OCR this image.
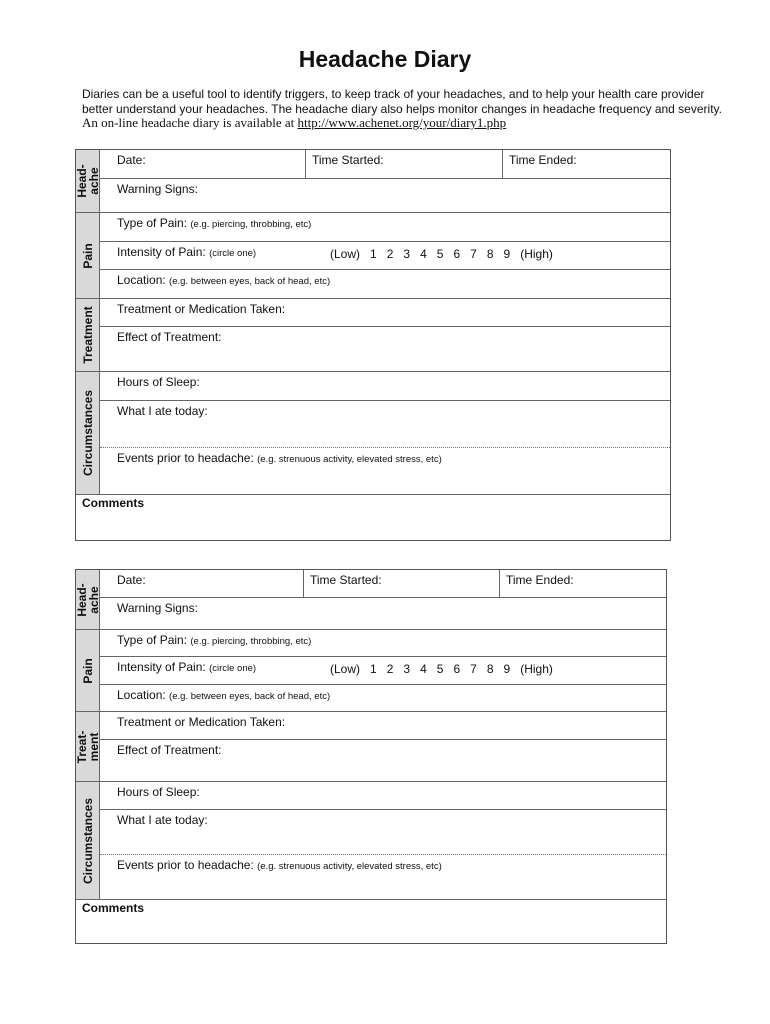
Headache Diary
Diaries can be a useful tool to identify triggers, to keep track of your headaches, and to help your health care provider
better understand your headaches. The headache diary also helps monitor changes in headache frequency and severity.
An on-line headache diary is available at http://www.achenet.org/your/diary1.php
Head-
ache
Pain
Treatment
Circumstances
Date:	Time Started:	Time Ended:
Warning Signs:
Type of Pain: (e.g. piercing, throbbing, etc)
Intensity of Pain: (circle one)	(Low) 1 2 3 4 5 6 7 8 9 (High)
Location: (e.g. between eyes, back of head, etc)
Treatment or Medication Taken:
Effect of Treatment:
Hours of Sleep:
What I ate today:
Events prior to headache: (e.g. strenuous activity, elevated stress, etc)
Comments
Head-
ache
Pain
Treat-
ment
Circumstances
Date:	Time Started:	Time Ended:
Warning Signs:
Type of Pain: (e.g. piercing, throbbing, etc)
Intensity of Pain: (circle one)	(Low) 1 2 3 4 5 6 7 8 9 (High)
Location: (e.g. between eyes, back of head, etc)
Treatment or Medication Taken:
Effect of Treatment:
Hours of Sleep:
What I ate today:
Events prior to headache: (e.g. strenuous activity, elevated stress, etc)
Comments
